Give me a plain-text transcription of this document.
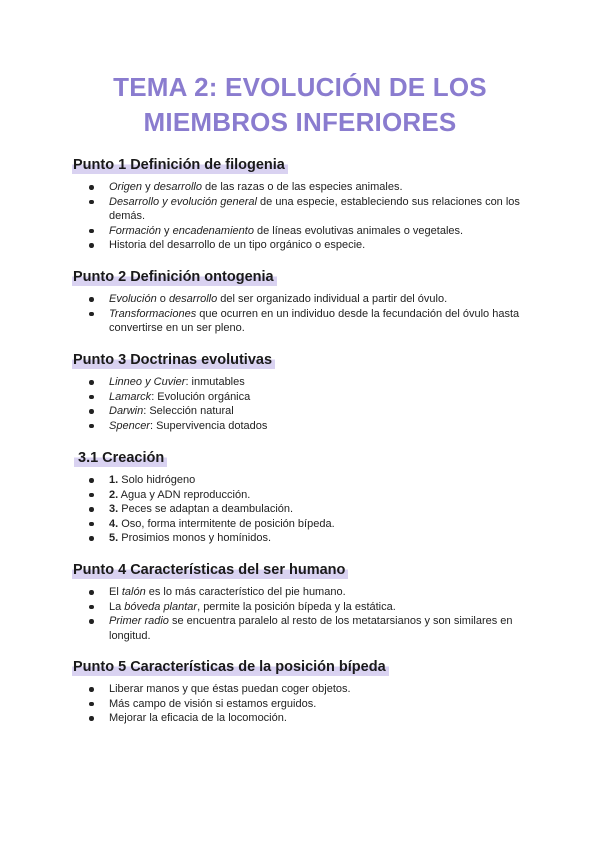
TEMA 2: EVOLUCIÓN DE LOS
MIEMBROS INFERIORES
Punto 1 Definición de filogenia
Origen y desarrollo de las razas o de las especies animales.
Desarrollo y evolución general de una especie, estableciendo sus relaciones con los demás.
Formación y encadenamiento de líneas evolutivas animales o vegetales.
Historia del desarrollo de un tipo orgánico o especie.
Punto 2 Definición ontogenia
Evolución o desarrollo del ser organizado individual a partir del óvulo.
Transformaciones que ocurren en un individuo desde la fecundación del óvulo hasta convertirse en un ser pleno.
Punto 3 Doctrinas evolutivas
Linneo y Cuvier: inmutables
Lamarck: Evolución orgánica
Darwin: Selección natural
Spencer: Supervivencia dotados
3.1 Creación
1. Solo hidrógeno
2. Agua y ADN reproducción.
3. Peces se adaptan a deambulación.
4. Oso, forma intermitente de posición bípeda.
5. Prosimios monos y homínidos.
Punto 4 Características del ser humano
El talón es lo más característico del pie humano.
La bóveda plantar, permite la posición bípeda y la estática.
Primer radio se encuentra paralelo al resto de los metatarsianos y son similares en longitud.
Punto 5 Características de la posición bípeda
Liberar manos y que éstas puedan coger objetos.
Más campo de visión si estamos erguidos.
Mejorar la eficacia de la locomoción.
